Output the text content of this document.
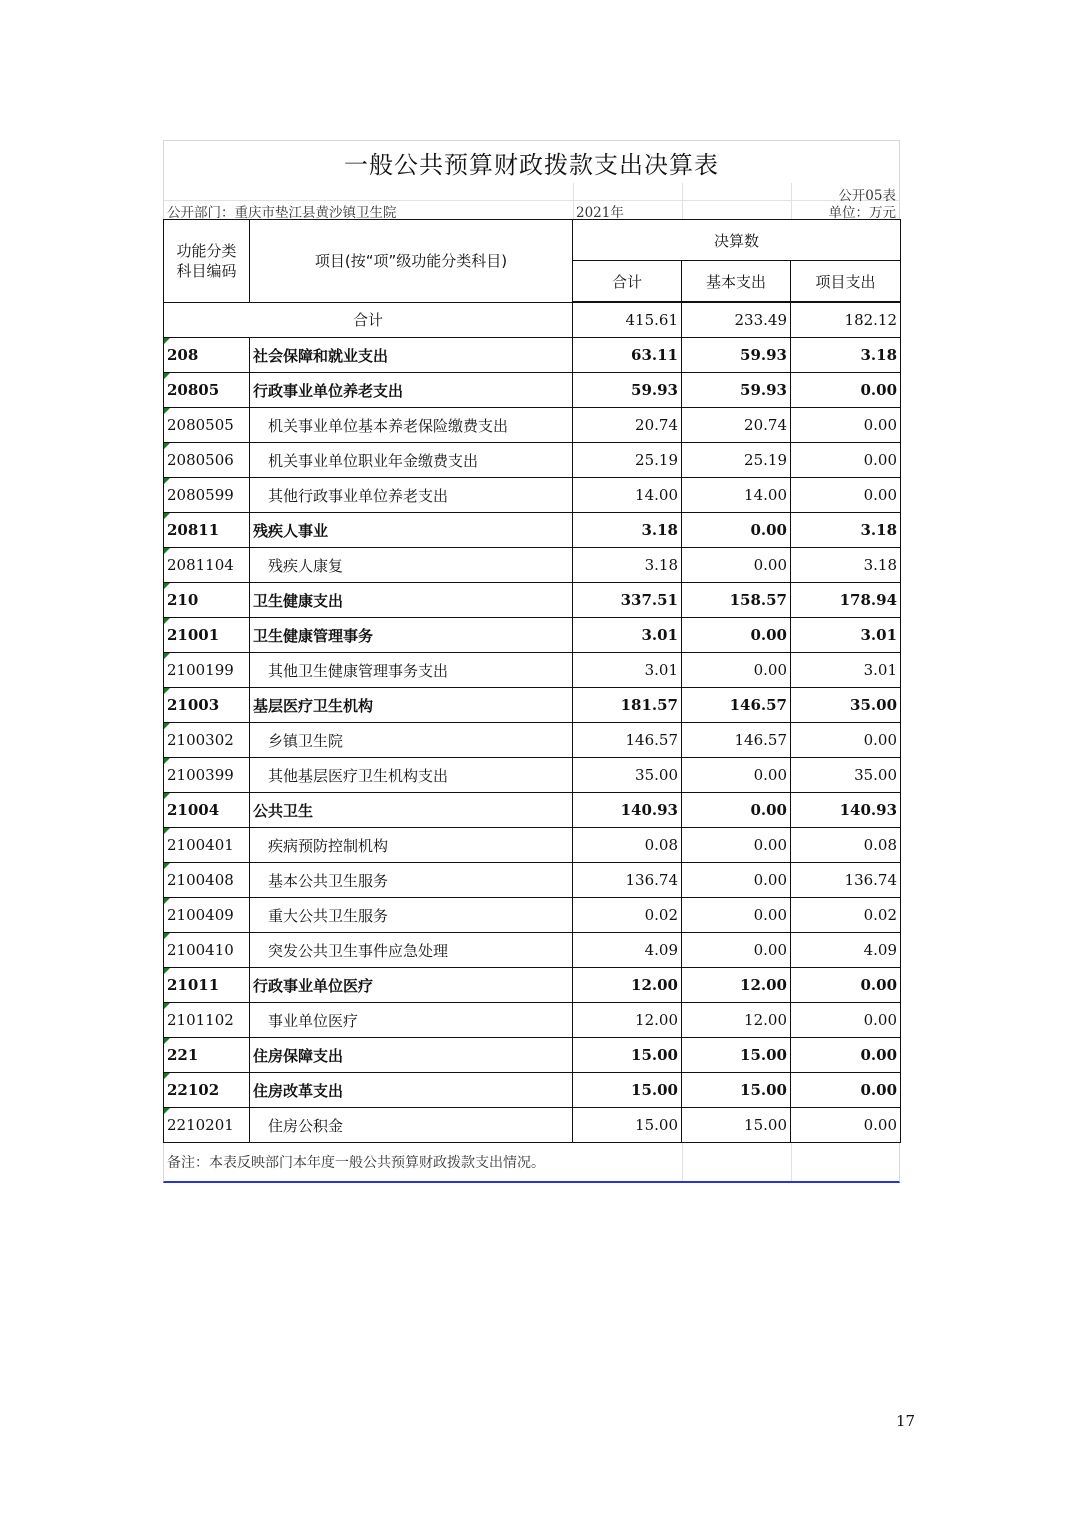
一般公共预算财政拨款支出决算表
公开05表
公开部门：重庆市垫江县黄沙镇卫生院	2021年	单位：万元
功能分类科目编码	项目(按“项”级功能分类科目)	决算数		
		合计	基本支出	项目支出
合计		415.61	233.49	182.12
208	社会保障和就业支出	63.11	59.93	3.18
20805	行政事业单位养老支出	59.93	59.93	0.00
2080505	机关事业单位基本养老保险缴费支出	20.74	20.74	0.00
2080506	机关事业单位职业年金缴费支出	25.19	25.19	0.00
2080599	其他行政事业单位养老支出	14.00	14.00	0.00
20811	残疾人事业	3.18	0.00	3.18
2081104	残疾人康复	3.18	0.00	3.18
210	卫生健康支出	337.51	158.57	178.94
21001	卫生健康管理事务	3.01	0.00	3.01
2100199	其他卫生健康管理事务支出	3.01	0.00	3.01
21003	基层医疗卫生机构	181.57	146.57	35.00
2100302	乡镇卫生院	146.57	146.57	0.00
2100399	其他基层医疗卫生机构支出	35.00	0.00	35.00
21004	公共卫生	140.93	0.00	140.93
2100401	疾病预防控制机构	0.08	0.00	0.08
2100408	基本公共卫生服务	136.74	0.00	136.74
2100409	重大公共卫生服务	0.02	0.00	0.02
2100410	突发公共卫生事件应急处理	4.09	0.00	4.09
21011	行政事业单位医疗	12.00	12.00	0.00
2101102	事业单位医疗	12.00	12.00	0.00
221	住房保障支出	15.00	15.00	0.00
22102	住房改革支出	15.00	15.00	0.00
2210201	住房公积金	15.00	15.00	0.00
备注：本表反映部门本年度一般公共预算财政拨款支出情况。
17
